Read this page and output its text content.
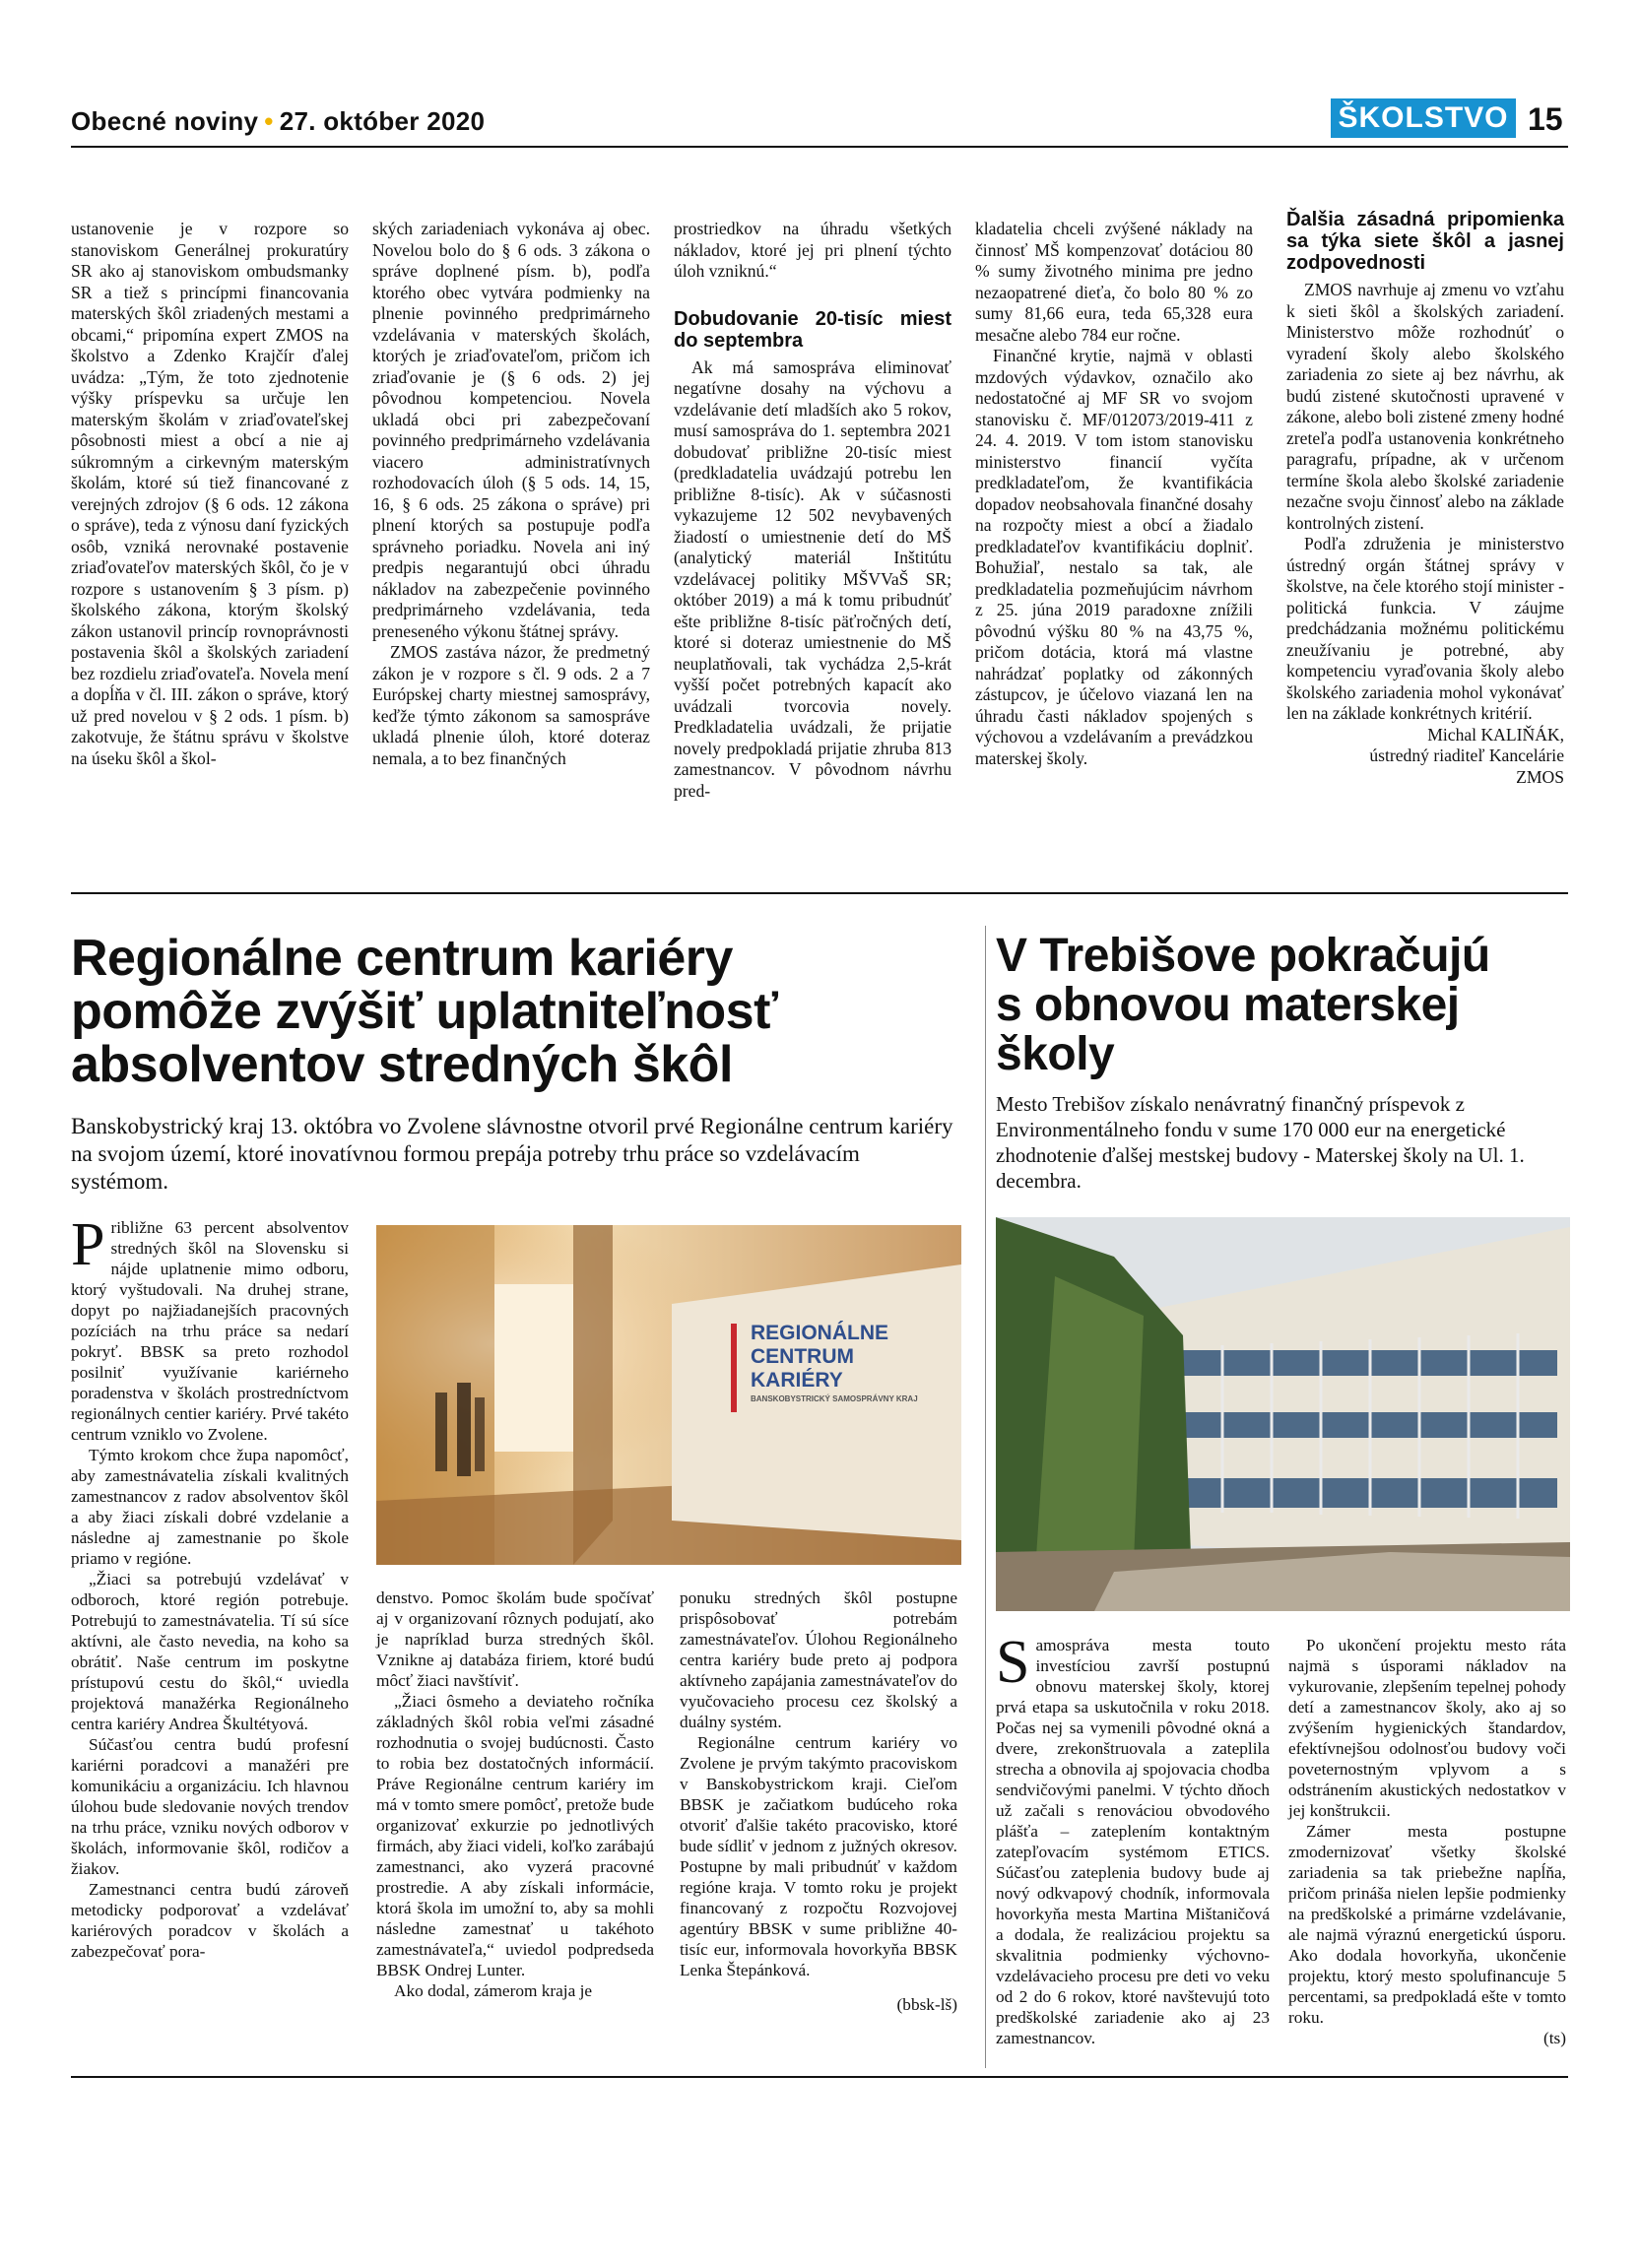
Obecné noviny • 27. október 2020	ŠKOLSTVO 15

ustanovenie je v rozpore so stanoviskom Generálnej prokuratúry SR ako aj stanoviskom ombudsmanky SR a tiež s princípmi financovania materských škôl zriadených mestami a obcami,“ pripomína expert ZMOS na školstvo a Zdenko Krajčír ďalej uvádza: „Tým, že toto zjednotenie výšky príspevku sa určuje len materským školám v zriaďovateľskej pôsobnosti miest a obcí a nie aj súkromným a cirkevným materským školám, ktoré sú tiež financované z verejných zdrojov (§ 6 ods. 12 zákona o správe), teda z výnosu daní fyzických osôb, vzniká nerovnaké postavenie zriaďovateľov materských škôl, čo je v rozpore s ustanovením § 3 písm. p) školského zákona, ktorým školský zákon ustanovil princíp rovnoprávnosti postavenia škôl a školských zariadení bez rozdielu zriaďovateľa. Novela mení a dopĺňa v čl. III. zákon o správe, ktorý už pred novelou v § 2 ods. 1 písm. b) zakotvuje, že štátnu správu v školstve na úseku škôl a škol-

ských zariadeniach vykonáva aj obec. Novelou bolo do § 6 ods. 3 zákona o správe doplnené písm. b), podľa ktorého obec vytvára podmienky na plnenie povinného predprimárneho vzdelávania v materských školách, ktorých je zriaďovateľom, pričom ich zriaďovanie je (§ 6 ods. 2) jej pôvodnou kompetenciou. Novela ukladá obci pri zabezpečovaní povinného predprimárneho vzdelávania viacero administratívnych rozhodovacích úloh (§ 5 ods. 14, 15, 16, § 6 ods. 25 zákona o správe) pri plnení ktorých sa postupuje podľa správneho poriadku. Novela ani iný predpis negarantujú obci úhradu nákladov na zabezpečenie povinného predprimárneho vzdelávania, teda preneseného výkonu štátnej správy.

ZMOS zastáva názor, že predmetný zákon je v rozpore s čl. 9 ods. 2 a 7 Európskej charty miestnej samosprávy, keďže týmto zákonom sa samospráve ukladá plnenie úloh, ktoré doteraz nemala, a to bez finančných

prostriedkov na úhradu všetkých nákladov, ktoré jej pri plnení týchto úloh vzniknú.“

Dobudovanie 20-tisíc miest do septembra

Ak má samospráva eliminovať negatívne dosahy na výchovu a vzdelávanie detí mladších ako 5 rokov, musí samospráva do 1. septembra 2021 dobudovať približne 20-tisíc miest (predkladatelia uvádzajú potrebu len približne 8-tisíc). Ak v súčasnosti vykazujeme 12 502 nevybavených žiadostí o umiestnenie detí do MŠ (analytický materiál Inštitútu vzdelávacej politiky MŠVVaŠ SR; október 2019) a má k tomu pribudnúť ešte približne 8-tisíc päťročných detí, ktoré si doteraz umiestnenie do MŠ neuplatňovali, tak vychádza 2,5-krát vyšší počet potrebných kapacít ako uvádzali tvorcovia novely. Predkladatelia uvádzali, že prijatie novely predpokladá prijatie zhruba 813 zamestnancov. V pôvodnom návrhu pred-

kladatelia chceli zvýšené náklady na činnosť MŠ kompenzovať dotáciou 80 % sumy životného minima pre jedno nezaopatrené dieťa, čo bolo 80 % zo sumy 81,66 eura, teda 65,328 eura mesačne alebo 784 eur ročne.

Finančné krytie, najmä v oblasti mzdových výdavkov, označilo ako nedostatočné aj MF SR vo svojom stanovisku č. MF/012073/2019-411 z 24. 4. 2019. V tom istom stanovisku ministerstvo financií vyčíta predkladateľom, že kvantifikácia dopadov neobsahovala finančné dosahy na rozpočty miest a obcí a žiadalo predkladateľov kvantifikáciu doplniť. Bohužiaľ, nestalo sa tak, ale predkladatelia pozmeňujúcim návrhom z 25. júna 2019 paradoxne znížili pôvodnú výšku 80 % na 43,75 %, pričom dotácia, ktorá má vlastne nahrádzať poplatky od zákonných zástupcov, je účelovo viazaná len na úhradu časti nákladov spojených s výchovou a vzdelávaním a prevádzkou materskej školy.

Ďalšia zásadná pripomienka sa týka siete škôl a jasnej zodpovednosti

ZMOS navrhuje aj zmenu vo vzťahu k sieti škôl a školských zariadení. Ministerstvo môže rozhodnúť o vyradení školy alebo školského zariadenia zo siete aj bez návrhu, ak budú zistené skutočnosti upravené v zákone, alebo boli zistené zmeny hodné zreteľa podľa ustanovenia konkrétneho paragrafu, prípadne, ak v určenom termíne škola alebo školské zariadenie nezačne svoju činnosť alebo na základe kontrolných zistení.

Podľa združenia je ministerstvo ústredný orgán štátnej správy v školstve, na čele ktorého stojí minister - politická funkcia. V záujme predchádzania možnému politickému zneužívaniu je potrebné, aby kompetenciu vyraďovania školy alebo školského zariadenia mohol vykonávať len na základe konkrétnych kritérií.

Michal KALIŇÁK,
ústredný riaditeľ Kancelárie
ZMOS
Regionálne centrum kariéry
pomôže zvýšiť uplatniteľnosť
absolventov stredných škôl
Banskobystrický kraj 13. októbra vo Zvolene slávnostne otvoril prvé Regionálne centrum kariéry na svojom území, ktoré inovatívnou formou prepája potreby trhu práce so vzdelávacím systémom.

Približne 63 percent absolventov stredných škôl na Slovensku si nájde uplatnenie mimo odboru, ktorý vyštudovali. Na druhej strane, dopyt po najžiadanejších pracovných pozíciách na trhu práce sa nedarí pokryť. BBSK sa preto rozhodol posilniť využívanie kariérneho poradenstva v školách prostredníctvom regionálnych centier kariéry. Prvé takéto centrum vzniklo vo Zvolene.

Týmto krokom chce župa napomôcť, aby zamestnávatelia získali kvalitných zamestnancov z radov absolventov škôl a aby žiaci získali dobré vzdelanie a následne aj zamestnanie po škole priamo v regióne.

„Žiaci sa potrebujú vzdelávať v odboroch, ktoré región potrebuje. Potrebujú to zamestnávatelia. Tí sú síce aktívni, ale často nevedia, na koho sa obrátiť. Naše centrum im poskytne prístupovú cestu do škôl,“ uviedla projektová manažérka Regionálneho centra kariéry Andrea Škultétyová.

Súčasťou centra budú profesní kariérni poradcovi a manažéri pre komunikáciu a organizáciu. Ich hlavnou úlohou bude sledovanie nových trendov na trhu práce, vzniku nových odborov v školách, informovanie škôl, rodičov a žiakov.

Zamestnanci centra budú zároveň metodicky podporovať a vzdelávať kariérových poradcov v školách a zabezpečovať pora-

REGIONÁLNE
CENTRUM KARIÉRY
BANSKOBYSTRICKÝ SAMOSPRÁVNY KRAJ

denstvo. Pomoc školám bude spočívať aj v organizovaní rôznych podujatí, ako je napríklad burza stredných škôl. Vznikne aj databáza firiem, ktoré budú môcť žiaci navštíviť.

„Žiaci ôsmeho a deviateho ročníka základných škôl robia veľmi zásadné rozhodnutia o svojej budúcnosti. Často to robia bez dostatočných informácií. Práve Regionálne centrum kariéry im má v tomto smere pomôcť, pretože bude organizovať exkurzie po jednotlivých firmách, aby žiaci videli, koľko zarábajú zamestnanci, ako vyzerá pracovné prostredie. A aby získali informácie, ktorá škola im umožní to, aby sa mohli následne zamestnať u takéhoto zamestnávateľa,“ uviedol podpredseda BBSK Ondrej Lunter.

Ako dodal, zámerom kraja je

ponuku stredných škôl postupne prispôsobovať potrebám zamestnávateľov. Úlohou Regionálneho centra kariéry bude preto aj podpora aktívneho zapájania zamestnávateľov do vyučovacieho procesu cez školský a duálny systém.

Regionálne centrum kariéry vo Zvolene je prvým takýmto pracoviskom v Banskobystrickom kraji. Cieľom BBSK je začiatkom budúceho roka otvoriť ďalšie takéto pracovisko, ktoré bude sídliť v jednom z južných okresov. Postupne by mali pribudnúť v každom regióne kraja. V tomto roku je projekt financovaný z rozpočtu Rozvojovej agentúry BBSK v sume približne 40-tisíc eur, informovala hovorkyňa BBSK Lenka Štepánková.

(bbsk-lš)
V Trebišove pokračujú
s obnovou materskej
školy
Mesto Trebišov získalo nenávratný finančný príspevok z Environmentálneho fondu v sume 170 000 eur na energetické zhodnotenie ďalšej mestskej budovy - Materskej školy na Ul. 1. decembra.

Samospráva mesta touto investíciou završí postupnú obnovu materskej školy, ktorej prvá etapa sa uskutočnila v roku 2018. Počas nej sa vymenili pôvodné okná a dvere, zrekonštruovala a zateplila strecha a obnovila aj spojovacia chodba sendvičovými panelmi. V týchto dňoch už začali s renováciou obvodového plášťa – zateplením kontaktným zatepľovacím systémom ETICS. Súčasťou zateplenia budovy bude aj nový odkvapový chodník, informovala hovorkyňa mesta Martina Mištaničová a dodala, že realizáciou projektu sa skvalitnia podmienky výchovno-vzdelávacieho procesu pre deti vo veku od 2 do 6 rokov, ktoré navštevujú toto predškolské zariadenie ako aj 23 zamestnancov.

Po ukončení projektu mesto ráta najmä s úsporami nákladov na vykurovanie, zlepšením tepelnej pohody detí a zamestnancov školy, ako aj so zvýšením hygienických štandardov, efektívnejšou odolnosťou budovy voči poveternostným vplyvom a s odstránením akustických nedostatkov v jej konštrukcii.

Zámer mesta postupne zmodernizovať všetky školské zariadenia sa tak priebežne napĺňa, pričom prináša nielen lepšie podmienky na predškolské a primárne vzdelávanie, ale najmä výraznú energetickú úsporu. Ako dodala hovorkyňa, ukončenie projektu, ktorý mesto spolufinancuje 5 percentami, sa predpokladá ešte v tomto roku.

(ts)
